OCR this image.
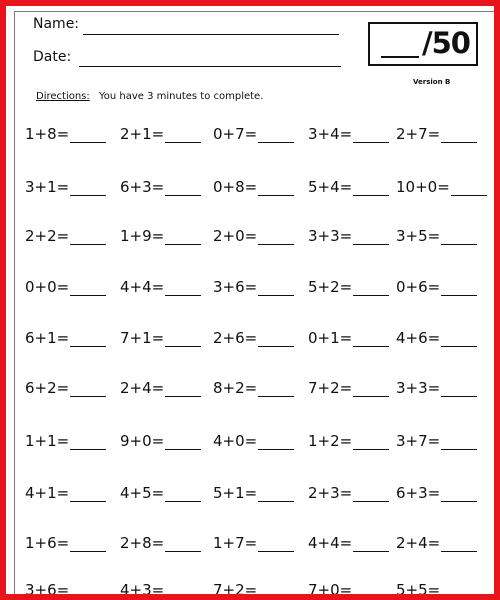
Name:
Date:	/50
Version B
Directions: You have 3 minutes to complete.
1+8=	2+1=	0+7=	3+4=	2+7=
3+1=	6+3=	0+8=	5+4=	10+0=
2+2=	1+9=	2+0=	3+3=	3+5=
0+0=	4+4=	3+6=	5+2=	0+6=
6+1=	7+1=	2+6=	0+1=	4+6=
6+2=	2+4=	8+2=	7+2=	3+3=
1+1=	9+0=	4+0=	1+2=	3+7=
4+1=	4+5=	5+1=	2+3=	6+3=
1+6=	2+8=	1+7=	4+4=	2+4=
3+6=	4+3=	7+2=	7+0=	5+5=
